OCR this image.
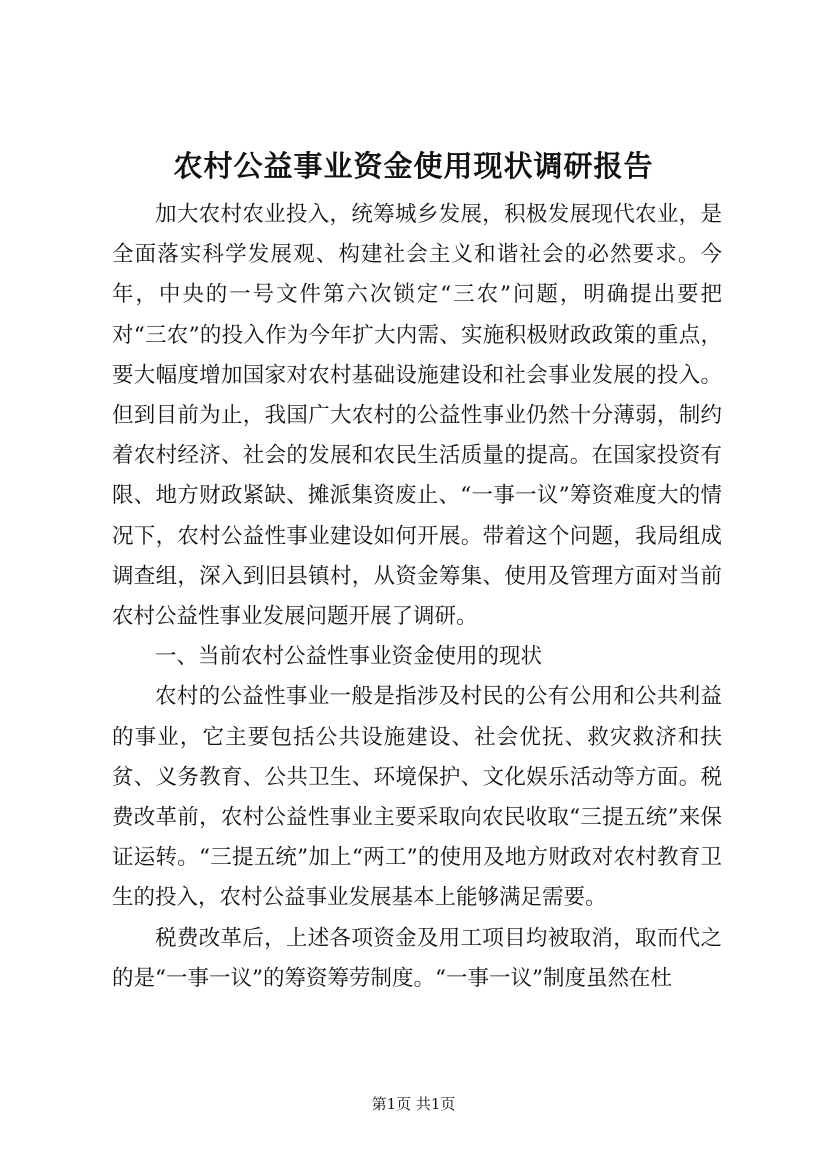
农村公益事业资金使用现状调研报告

加大农村农业投入，统筹城乡发展，积极发展现代农业，是全面落实科学发展观、构建社会主义和谐社会的必然要求。今年，中央的一号文件第六次锁定“三农”问题，明确提出要把对“三农”的投入作为今年扩大内需、实施积极财政政策的重点，要大幅度增加国家对农村基础设施建设和社会事业发展的投入。但到目前为止，我国广大农村的公益性事业仍然十分薄弱，制约着农村经济、社会的发展和农民生活质量的提高。在国家投资有限、地方财政紧缺、摊派集资废止、“一事一议”筹资难度大的情况下，农村公益性事业建设如何开展。带着这个问题，我局组成调查组，深入到旧县镇村，从资金筹集、使用及管理方面对当前农村公益性事业发展问题开展了调研。

一、当前农村公益性事业资金使用的现状

农村的公益性事业一般是指涉及村民的公有公用和公共利益的事业，它主要包括公共设施建设、社会优抚、救灾救济和扶贫、义务教育、公共卫生、环境保护、文化娱乐活动等方面。税费改革前，农村公益性事业主要采取向农民收取“三提五统”来保证运转。“三提五统”加上“两工”的使用及地方财政对农村教育卫生的投入，农村公益事业发展基本上能够满足需要。

税费改革后，上述各项资金及用工项目均被取消，取而代之的是“一事一议”的筹资筹劳制度。“一事一议”制度虽然在杜

第1页 共1页
